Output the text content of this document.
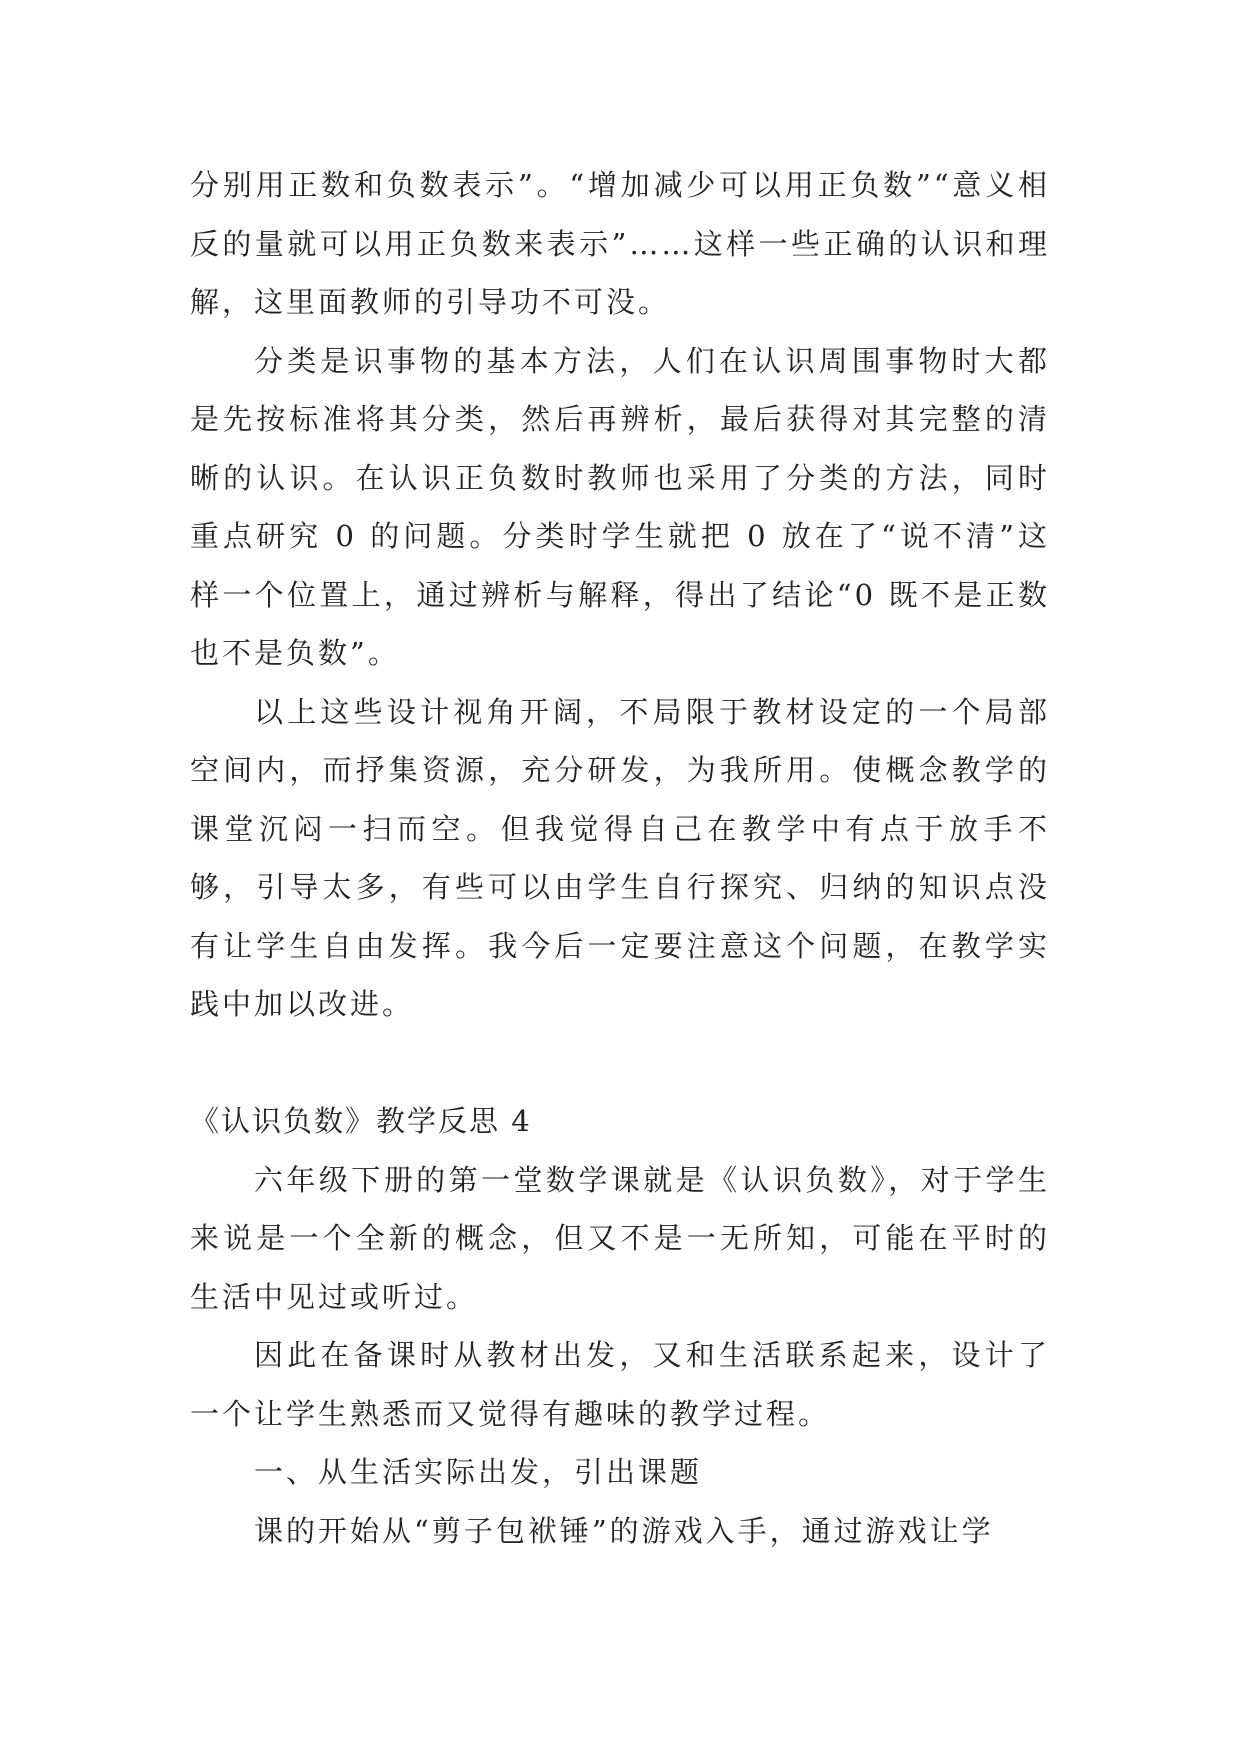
分别用正数和负数表示”。“增加减少可以用正负数”“意义相反的量就可以用正负数来表示”……这样一些正确的认识和理解，这里面教师的引导功不可没。

分类是识事物的基本方法，人们在认识周围事物时大都是先按标准将其分类，然后再辨析，最后获得对其完整的清晰的认识。在认识正负数时教师也采用了分类的方法，同时重点研究 0 的问题。分类时学生就把 0 放在了“说不清”这样一个位置上，通过辨析与解释，得出了结论“0 既不是正数也不是负数”。

以上这些设计视角开阔，不局限于教材设定的一个局部空间内，而抒集资源，充分研发，为我所用。使概念教学的课堂沉闷一扫而空。但我觉得自己在教学中有点于放手不够，引导太多，有些可以由学生自行探究、归纳的知识点没有让学生自由发挥。我今后一定要注意这个问题，在教学实践中加以改进。

《认识负数》教学反思 4

六年级下册的第一堂数学课就是《认识负数》，对于学生来说是一个全新的概念，但又不是一无所知，可能在平时的生活中见过或听过。

因此在备课时从教材出发，又和生活联系起来，设计了一个让学生熟悉而又觉得有趣味的教学过程。

一、从生活实际出发，引出课题

课的开始从“剪子包袱锤”的游戏入手，通过游戏让学
